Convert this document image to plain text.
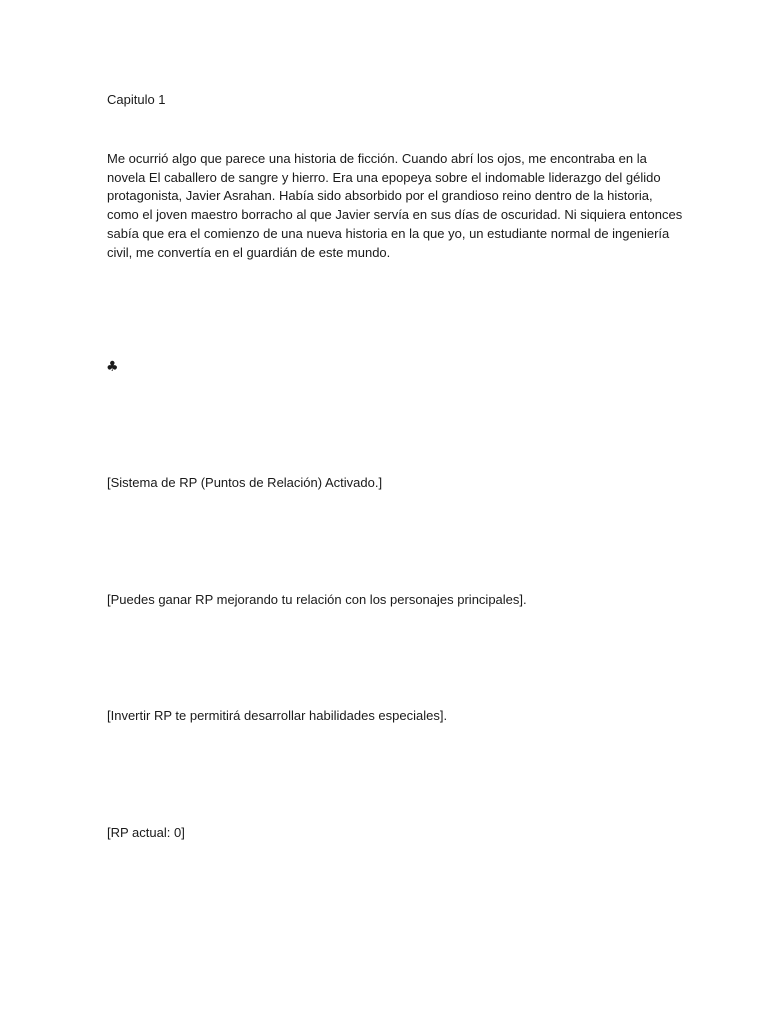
Capitulo 1
Me ocurrió algo que parece una historia de ficción. Cuando abrí los ojos, me encontraba en la
novela El caballero de sangre y hierro. Era una epopeya sobre el indomable liderazgo del gélido
protagonista, Javier Asrahan. Había sido absorbido por el grandioso reino dentro de la historia,
como el joven maestro borracho al que Javier servía en sus días de oscuridad. Ni siquiera entonces
sabía que era el comienzo de una nueva historia en la que yo, un estudiante normal de ingeniería
civil, me convertía en el guardián de este mundo.
♣
[Sistema de RP (Puntos de Relación) Activado.]
[Puedes ganar RP mejorando tu relación con los personajes principales].
[Invertir RP te permitirá desarrollar habilidades especiales].
[RP actual: 0]
